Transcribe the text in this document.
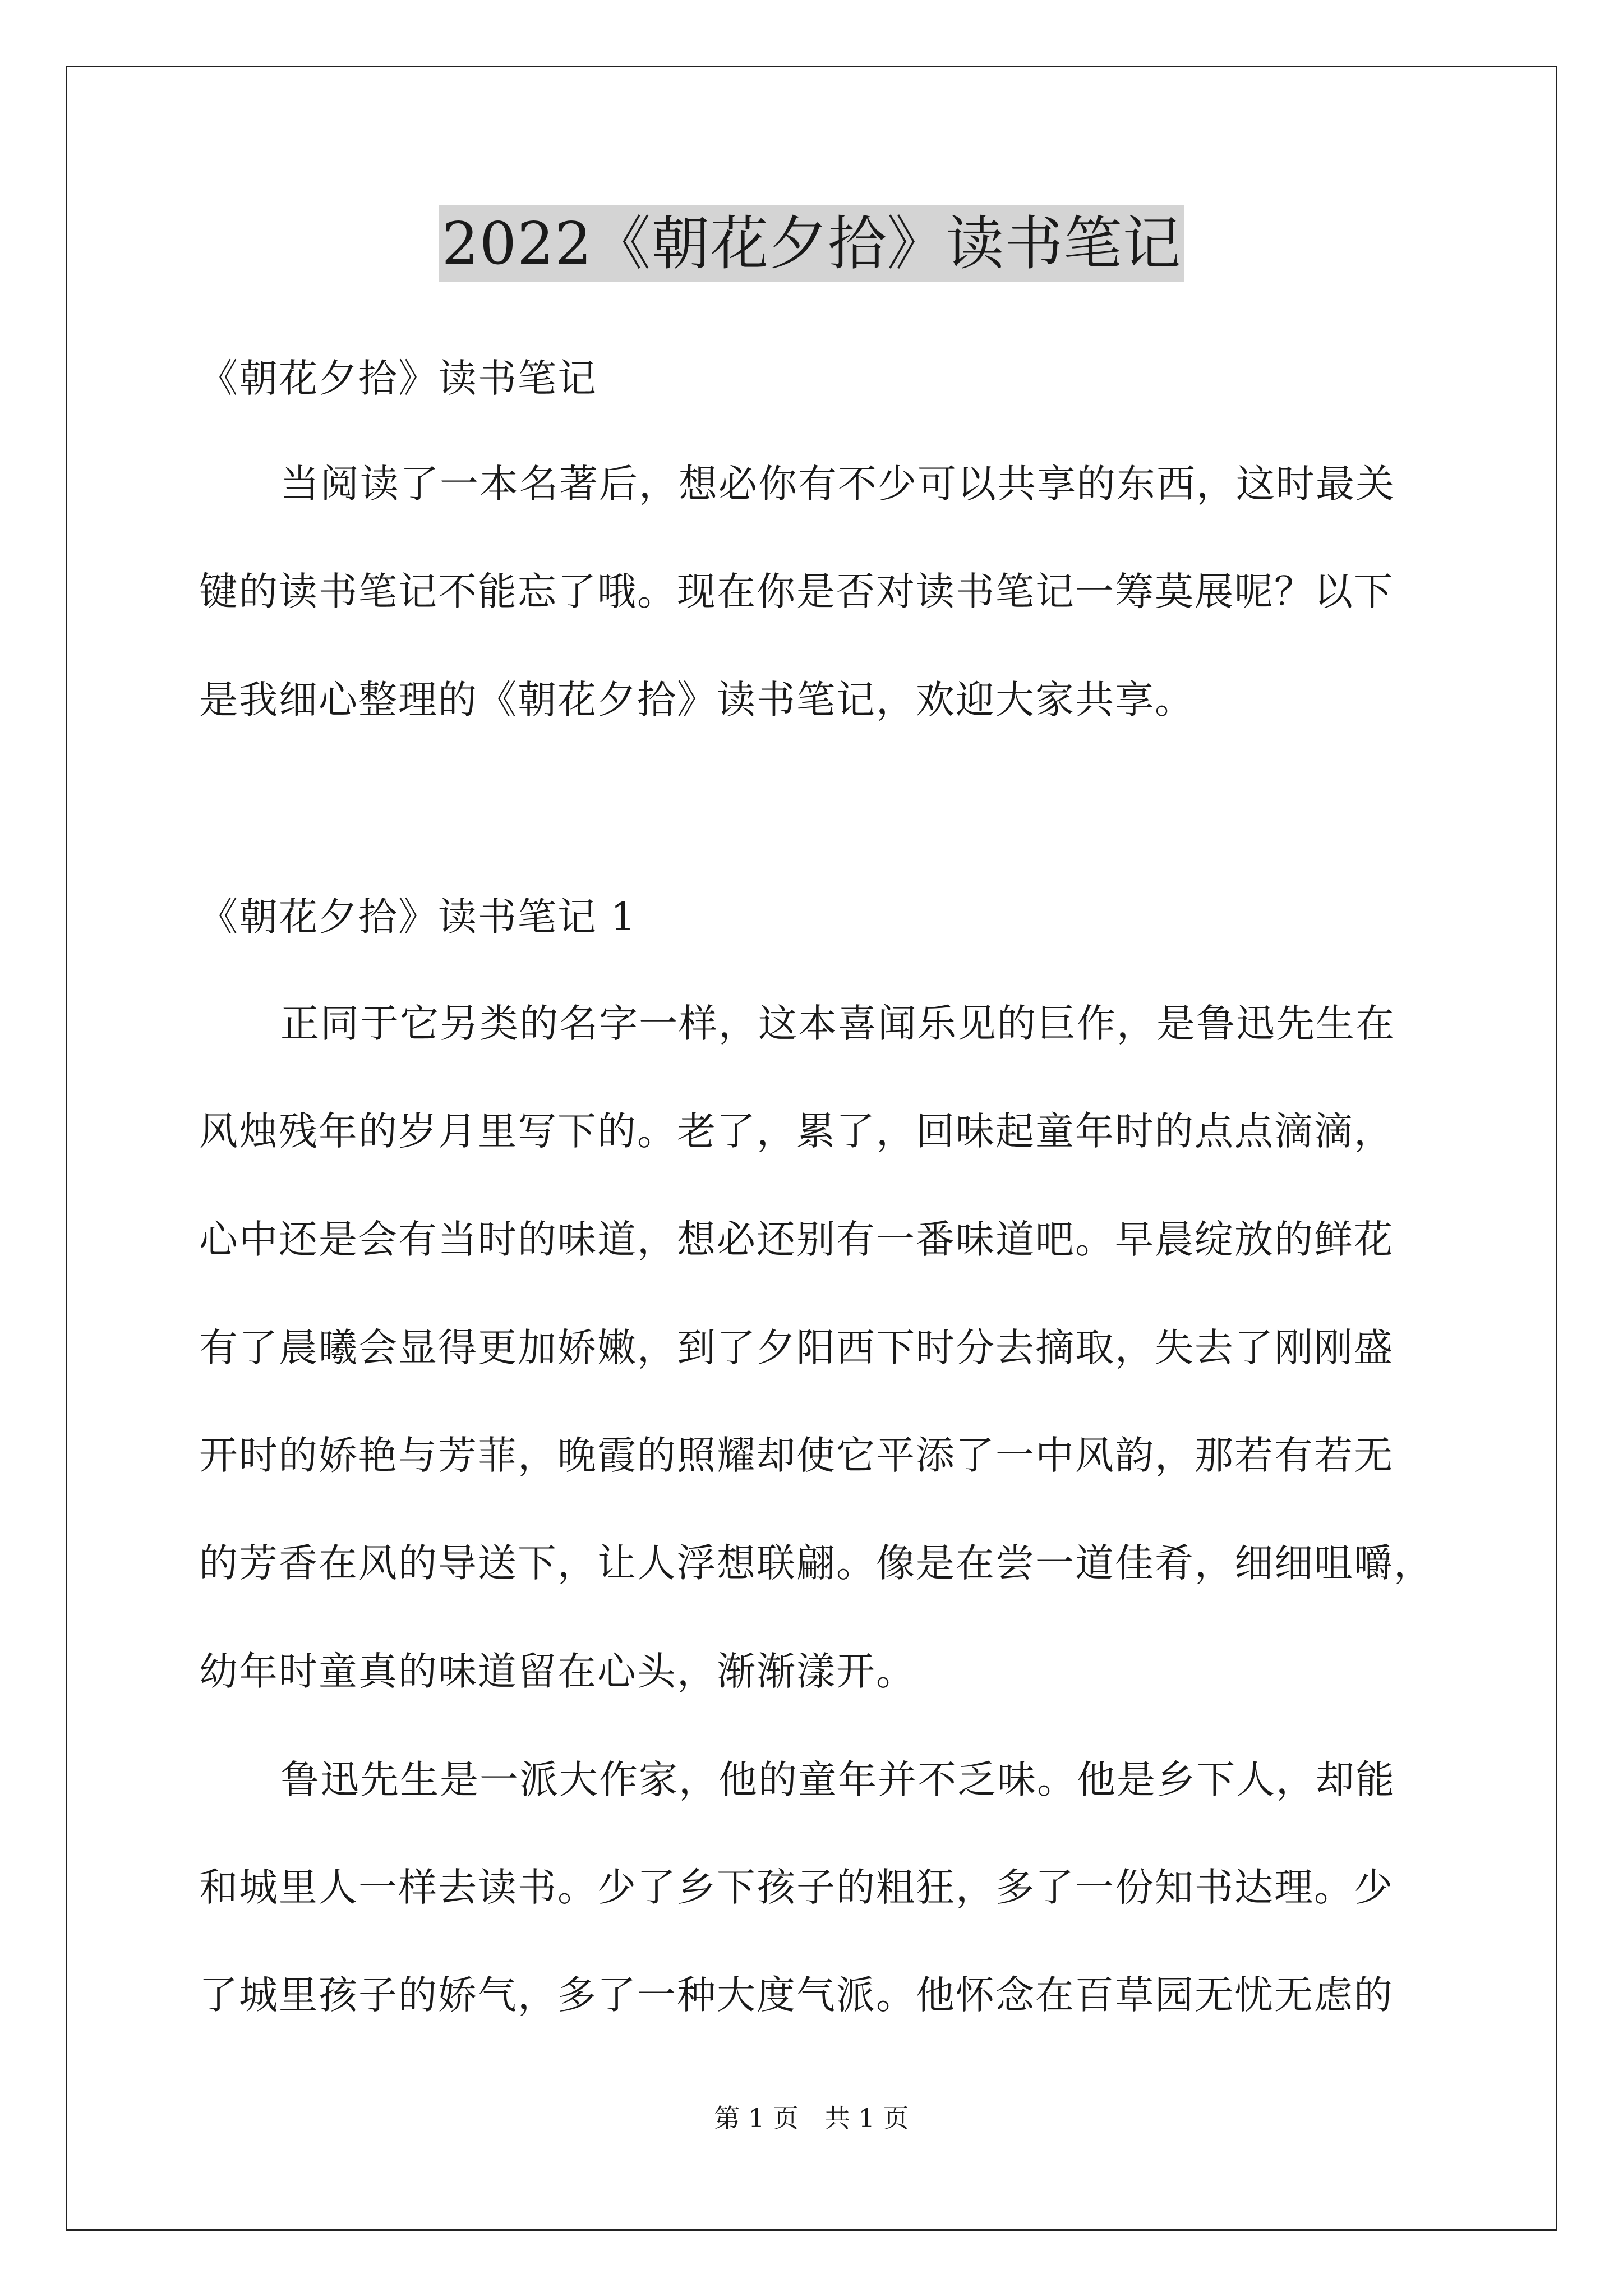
2022《朝花夕拾》读书笔记
《朝花夕拾》读书笔记
当阅读了一本名著后，想必你有不少可以共享的东西，这时最关
键的读书笔记不能忘了哦。现在你是否对读书笔记一筹莫展呢？以下
是我细心整理的《朝花夕拾》读书笔记，欢迎大家共享。
《朝花夕拾》读书笔记 1
正同于它另类的名字一样，这本喜闻乐见的巨作，是鲁迅先生在
风烛残年的岁月里写下的。老了，累了，回味起童年时的点点滴滴，
心中还是会有当时的味道，想必还别有一番味道吧。早晨绽放的鲜花
有了晨曦会显得更加娇嫩，到了夕阳西下时分去摘取，失去了刚刚盛
开时的娇艳与芳菲，晚霞的照耀却使它平添了一中风韵，那若有若无
的芳香在风的导送下，让人浮想联翩。像是在尝一道佳肴，细细咀嚼，
幼年时童真的味道留在心头，渐渐漾开。
鲁迅先生是一派大作家，他的童年并不乏味。他是乡下人，却能
和城里人一样去读书。少了乡下孩子的粗狂，多了一份知书达理。少
了城里孩子的娇气，多了一种大度气派。他怀念在百草园无忧无虑的
第 1 页　共 1 页
